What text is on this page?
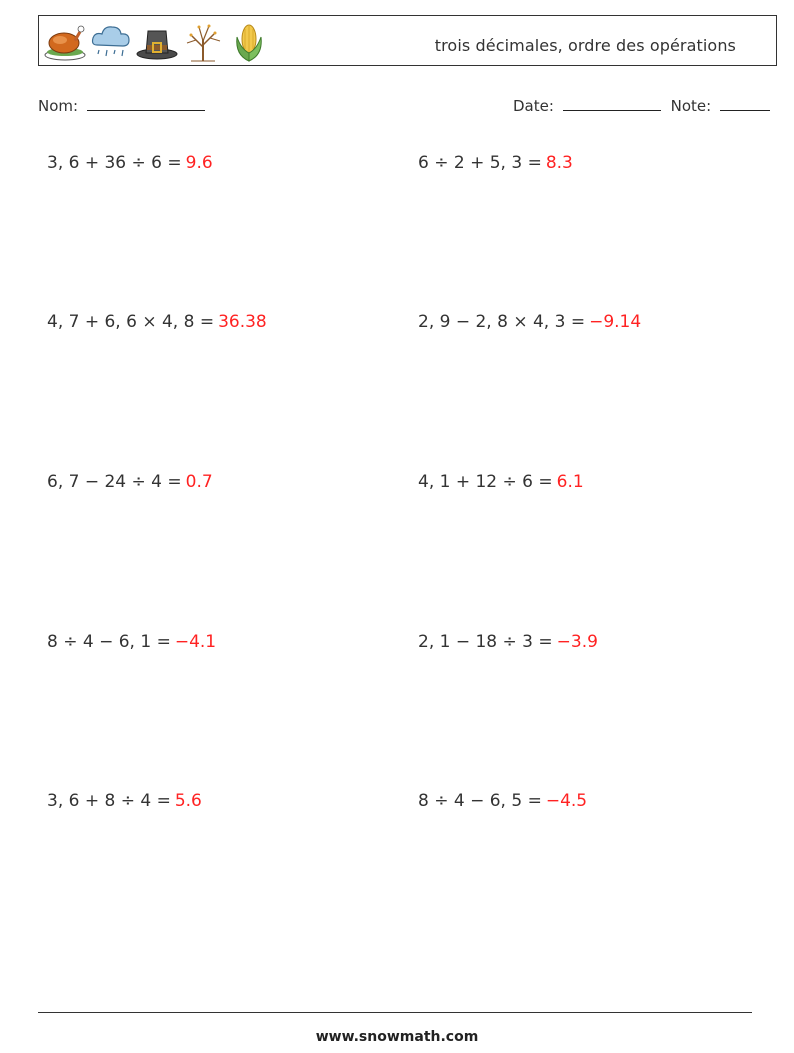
trois décimales, ordre des opérations
Nom:	Date:	Note:
3, 6 + 36 ÷ 6 = 9.6	6 ÷ 2 + 5, 3 = 8.3
4, 7 + 6, 6 × 4, 8 = 36.38	2, 9 − 2, 8 × 4, 3 = −9.14
6, 7 − 24 ÷ 4 = 0.7	4, 1 + 12 ÷ 6 = 6.1
8 ÷ 4 − 6, 1 = −4.1	2, 1 − 18 ÷ 3 = −3.9
3, 6 + 8 ÷ 4 = 5.6	8 ÷ 4 − 6, 5 = −4.5
www.snowmath.com
